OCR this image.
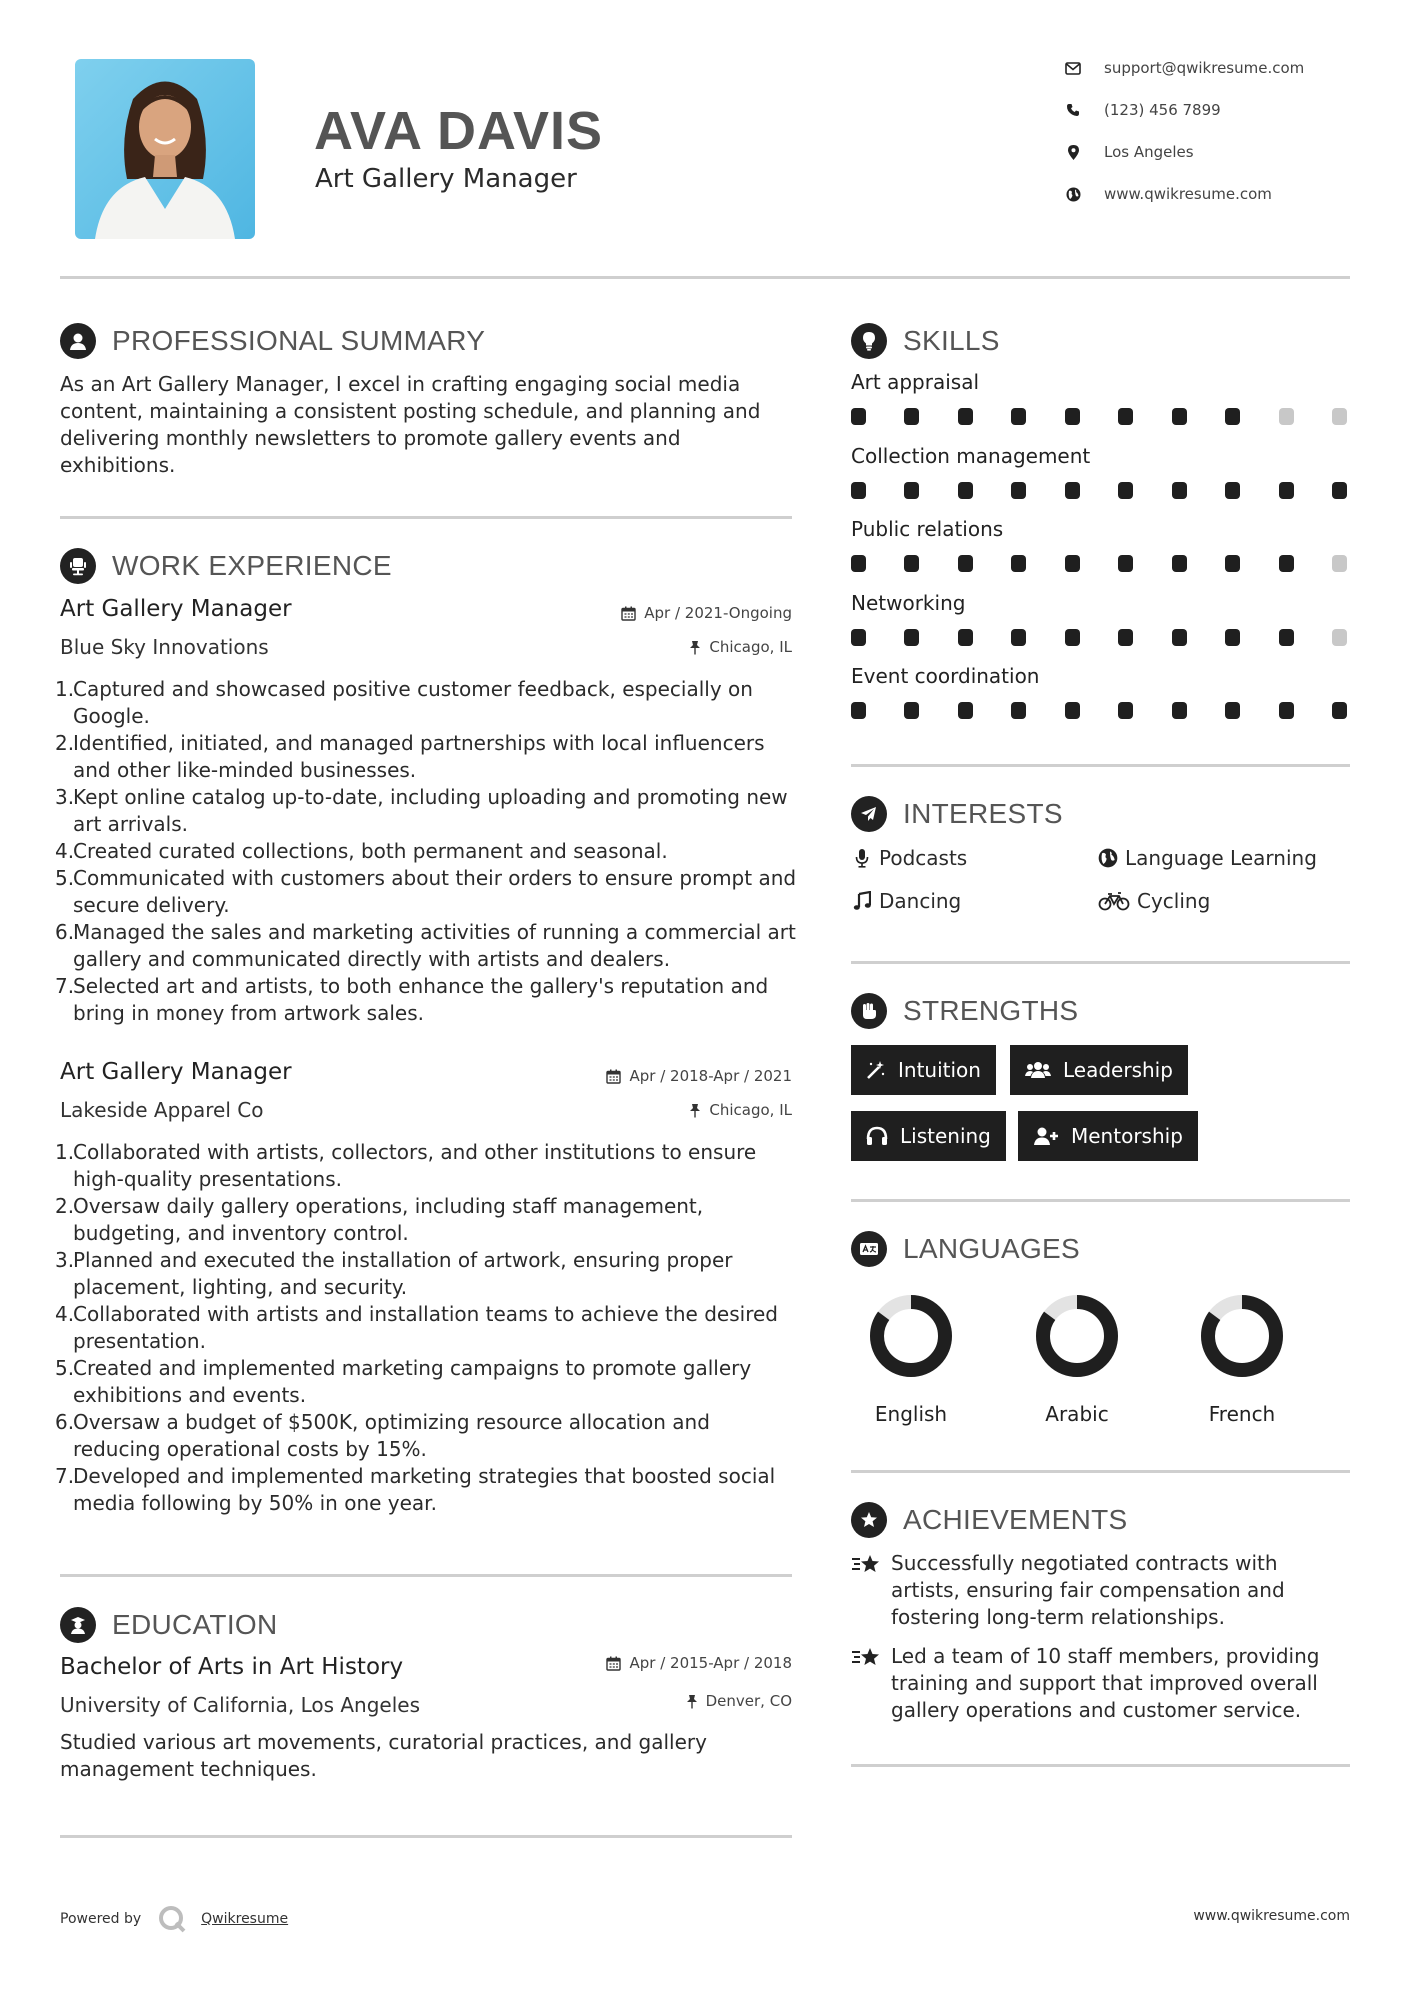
AVA DAVIS
Art Gallery Manager
support@qwikresume.com
(123) 456 7899
Los Angeles
www.qwikresume.com
PROFESSIONAL SUMMARY
As an Art Gallery Manager, I excel in crafting engaging social media content, maintaining a consistent posting schedule, and planning and delivering monthly newsletters to promote gallery events and exhibitions.
WORK EXPERIENCE
Art Gallery Manager	Apr / 2021-Ongoing
Blue Sky Innovations	Chicago, IL
1.
Captured and showcased positive customer feedback, especially on Google.
2.
Identified, initiated, and managed partnerships with local influencers and other like-minded businesses.
3.
Kept online catalog up-to-date, including uploading and promoting new art arrivals.
4.
Created curated collections, both permanent and seasonal.
5.
Communicated with customers about their orders to ensure prompt and secure delivery.
6.
Managed the sales and marketing activities of running a commercial art gallery and communicated directly with artists and dealers.
7.
Selected art and artists, to both enhance the gallery's reputation and bring in money from artwork sales.
Art Gallery Manager	Apr / 2018-Apr / 2021
Lakeside Apparel Co	Chicago, IL
1.
Collaborated with artists, collectors, and other institutions to ensure high-quality presentations.
2.
Oversaw daily gallery operations, including staff management, budgeting, and inventory control.
3.
Planned and executed the installation of artwork, ensuring proper placement, lighting, and security.
4.
Collaborated with artists and installation teams to achieve the desired presentation.
5.
Created and implemented marketing campaigns to promote gallery exhibitions and events.
6.
Oversaw a budget of $500K, optimizing resource allocation and reducing operational costs by 15%.
7.
Developed and implemented marketing strategies that boosted social media following by 50% in one year.
EDUCATION
Bachelor of Arts in Art History	Apr / 2015-Apr / 2018
University of California, Los Angeles	Denver, CO
Studied various art movements, curatorial practices, and gallery management techniques.
SKILLS
Art appraisal
Collection management
Public relations
Networking
Event coordination
INTERESTS
Podcasts	Language Learning
Dancing	Cycling
STRENGTHS
Intuition	Leadership
Listening	Mentorship
LANGUAGES
English	Arabic	French
ACHIEVEMENTS
Successfully negotiated contracts with artists, ensuring fair compensation and fostering long-term relationships.
Led a team of 10 staff members, providing training and support that improved overall gallery operations and customer service.
Powered by	Qwikresume	www.qwikresume.com
